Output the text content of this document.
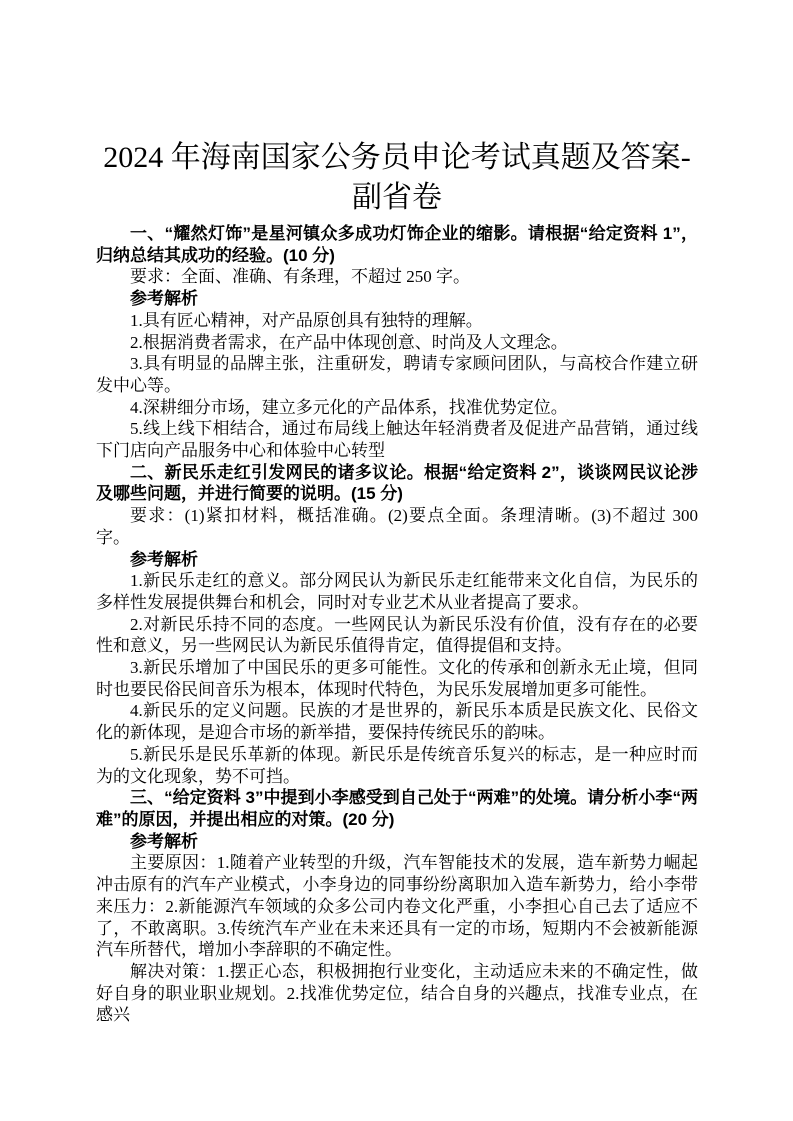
2024 年海南国家公务员申论考试真题及答案-
副省卷

一、“耀然灯饰”是星河镇众多成功灯饰企业的缩影。请根据“给定资料 1”，归纳总结其成功的经验。(10 分)

要求：全面、准确、有条理，不超过 250 字。

参考解析

1.具有匠心精神，对产品原创具有独特的理解。

2.根据消费者需求，在产品中体现创意、时尚及人文理念。

3.具有明显的品牌主张，注重研发，聘请专家顾问团队，与高校合作建立研发中心等。

4.深耕细分市场，建立多元化的产品体系，找准优势定位。

5.线上线下相结合，通过布局线上触达年轻消费者及促进产品营销，通过线下门店向产品服务中心和体验中心转型

二、新民乐走红引发网民的诸多议论。根据“给定资料 2”，谈谈网民议论涉及哪些问题，并进行简要的说明。(15 分)

要求：(1)紧扣材料，概括准确。(2)要点全面。条理清晰。(3)不超过 300 字。

参考解析

1.新民乐走红的意义。部分网民认为新民乐走红能带来文化自信，为民乐的多样性发展提供舞台和机会，同时对专业艺术从业者提高了要求。

2.对新民乐持不同的态度。一些网民认为新民乐没有价值，没有存在的必要性和意义，另一些网民认为新民乐值得肯定，值得提倡和支持。

3.新民乐增加了中国民乐的更多可能性。文化的传承和创新永无止境，但同时也要民俗民间音乐为根本，体现时代特色，为民乐发展增加更多可能性。

4.新民乐的定义问题。民族的才是世界的，新民乐本质是民族文化、民俗文化的新体现，是迎合市场的新举措，要保持传统民乐的韵味。

5.新民乐是民乐革新的体现。新民乐是传统音乐复兴的标志，是一种应时而为的文化现象，势不可挡。

三、“给定资料 3”中提到小李感受到自己处于“两难”的处境。请分析小李“两难”的原因，并提出相应的对策。(20 分)

参考解析

主要原因：1.随着产业转型的升级，汽车智能技术的发展，造车新势力崛起冲击原有的汽车产业模式，小李身边的同事纷纷离职加入造车新势力，给小李带来压力：2.新能源汽车领域的众多公司内卷文化严重，小李担心自己去了适应不了，不敢离职。3.传统汽车产业在未来还具有一定的市场，短期内不会被新能源汽车所替代，增加小李辞职的不确定性。

解决对策：1.摆正心态，积极拥抱行业变化，主动适应未来的不确定性，做好自身的职业职业规划。2.找准优势定位，结合自身的兴趣点，找准专业点，在感兴
